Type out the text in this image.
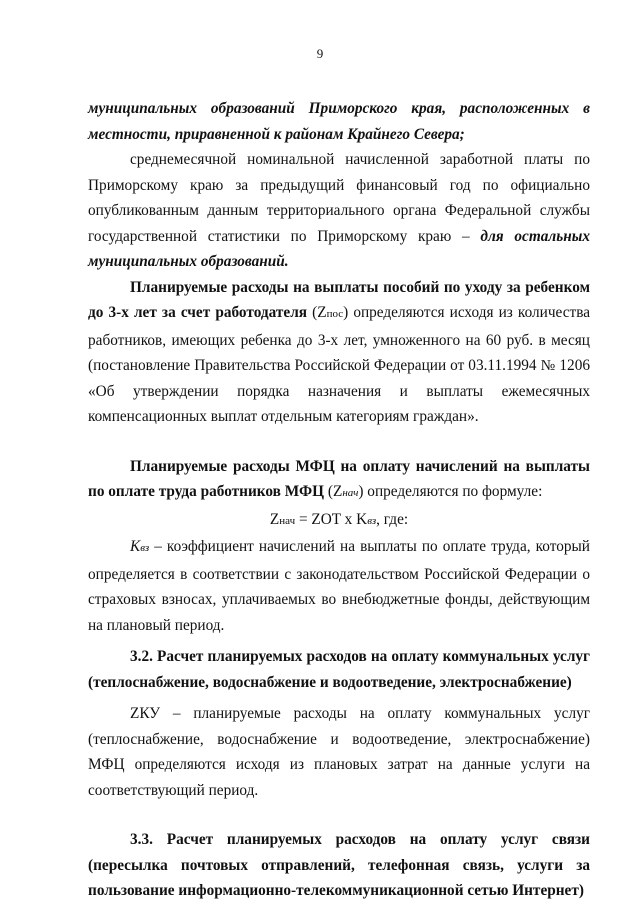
9

муниципальных образований Приморского края, расположенных в местности, приравненной к районам Крайнего Севера;

среднемесячной номинальной начисленной заработной платы по Приморскому краю за предыдущий финансовый год по официально опубликованным данным территориального органа Федеральной службы государственной статистики по Приморскому краю – для остальных муниципальных образований.

Планируемые расходы на выплаты пособий по уходу за ребенком до 3-х лет за счет работодателя (Zпос) определяются исходя из количества работников, имеющих ребенка до 3-х лет, умноженного на 60 руб. в месяц (постановление Правительства Российской Федерации от 03.11.1994 № 1206 «Об утверждении порядка назначения и выплаты ежемесячных компенсационных выплат отдельным категориям граждан».

Планируемые расходы МФЦ на оплату начислений на выплаты по оплате труда работников МФЦ (Zнач) определяются по формуле:

Zнач = ZOT x Kвз, где:

Kвз – коэффициент начислений на выплаты по оплате труда, который определяется в соответствии с законодательством Российской Федерации о страховых взносах, уплачиваемых во внебюджетные фонды, действующим на плановый период.

3.2. Расчет планируемых расходов на оплату коммунальных услуг (теплоснабжение, водоснабжение и водоотведение, электроснабжение)

ZКУ – планируемые расходы на оплату коммунальных услуг (теплоснабжение, водоснабжение и водоотведение, электроснабжение) МФЦ определяются исходя из плановых затрат на данные услуги на соответствующий период.

3.3. Расчет планируемых расходов на оплату услуг связи (пересылка почтовых отправлений, телефонная связь, услуги за пользование информационно-телекоммуникационной сетью Интернет)
